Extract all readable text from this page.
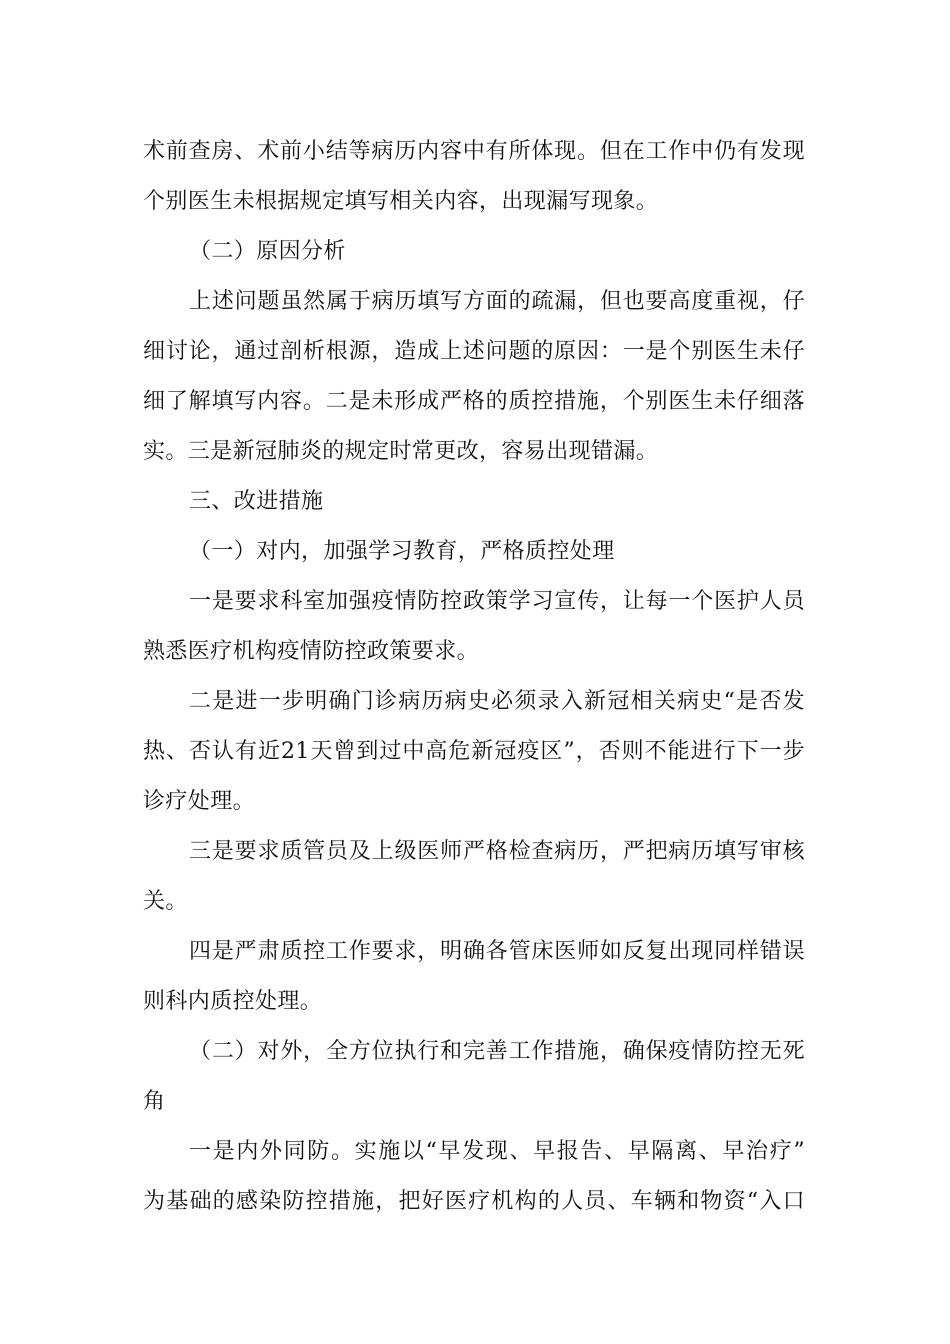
术前查房、术前小结等病历内容中有所体现。但在工作中仍有发现
个别医生未根据规定填写相关内容，出现漏写现象。
（二）原因分析
上述问题虽然属于病历填写方面的疏漏，但也要高度重视，仔
细讨论，通过剖析根源，造成上述问题的原因：一是个别医生未仔
细了解填写内容。二是未形成严格的质控措施，个别医生未仔细落
实。三是新冠肺炎的规定时常更改，容易出现错漏。
三、改进措施
（一）对内，加强学习教育，严格质控处理
一是要求科室加强疫情防控政策学习宣传，让每一个医护人员
熟悉医疗机构疫情防控政策要求。
二是进一步明确门诊病历病史必须录入新冠相关病史“是否发
热、否认有近21天曾到过中高危新冠疫区”，否则不能进行下一步
诊疗处理。
三是要求质管员及上级医师严格检查病历，严把病历填写审核
关。
四是严肃质控工作要求，明确各管床医师如反复出现同样错误
则科内质控处理。
（二）对外，全方位执行和完善工作措施，确保疫情防控无死
角
一是内外同防。实施以“早发现、早报告、早隔离、早治疗”
为基础的感染防控措施，把好医疗机构的人员、车辆和物资“入口
